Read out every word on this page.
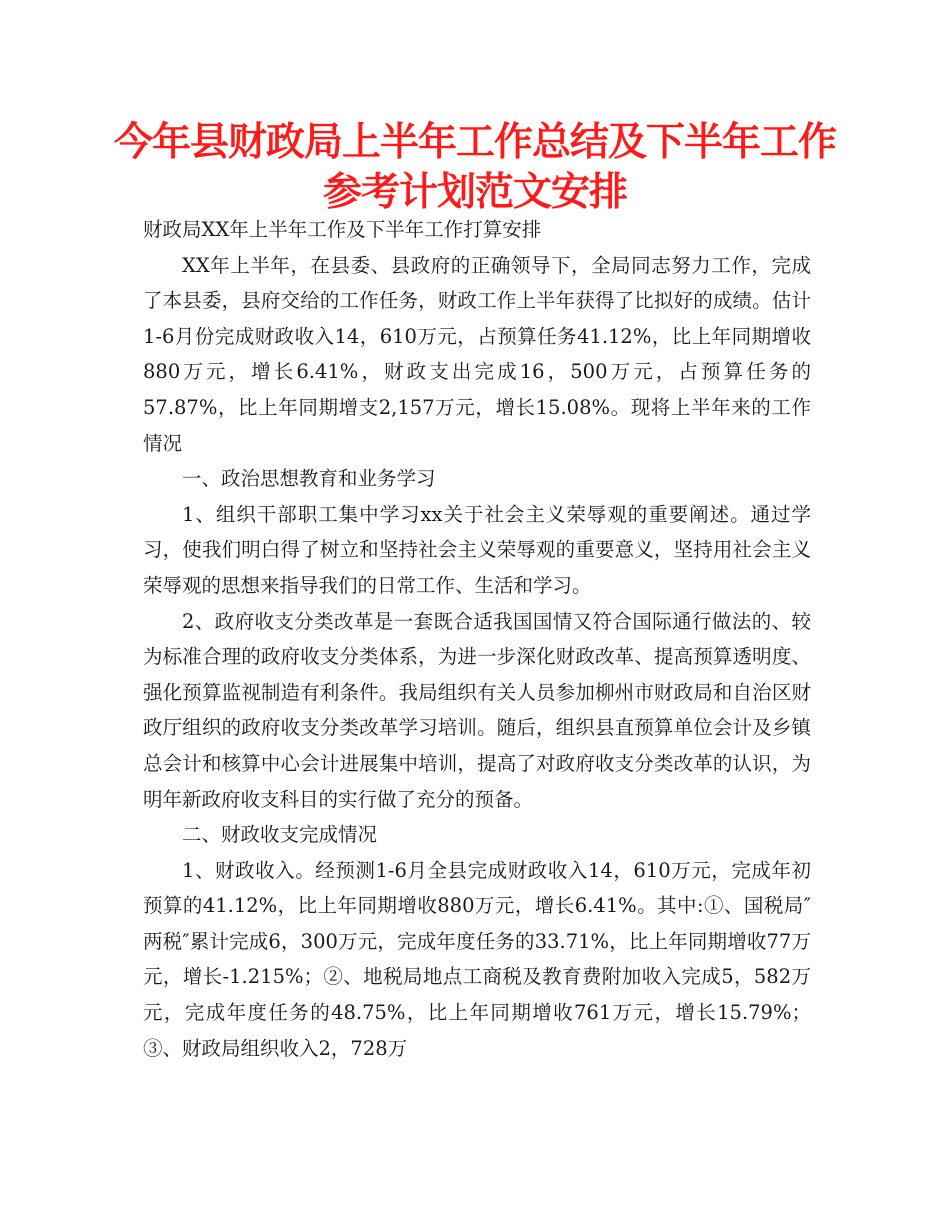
今年县财政局上半年工作总结及下半年工作参考计划范文安排

财政局XX年上半年工作及下半年工作打算安排

XX年上半年，在县委、县政府的正确领导下，全局同志努力工作，完成了本县委，县府交给的工作任务，财政工作上半年获得了比拟好的成绩。估计1-6月份完成财政收入14，610万元，占预算任务41.12%，比上年同期增收880万元，增长6.41%，财政支出完成16，500万元，占预算任务的57.87%，比上年同期增支2,157万元，增长15.08%。现将上半年来的工作情况

一、政治思想教育和业务学习

1、组织干部职工集中学习xx关于社会主义荣辱观的重要阐述。通过学习，使我们明白得了树立和坚持社会主义荣辱观的重要意义，坚持用社会主义荣辱观的思想来指导我们的日常工作、生活和学习。

2、政府收支分类改革是一套既合适我国国情又符合国际通行做法的、较为标准合理的政府收支分类体系，为进一步深化财政改革、提高预算透明度、强化预算监视制造有利条件。我局组织有关人员参加柳州市财政局和自治区财政厅组织的政府收支分类改革学习培训。随后，组织县直预算单位会计及乡镇总会计和核算中心会计进展集中培训，提高了对政府收支分类改革的认识，为明年新政府收支科目的实行做了充分的预备。

二、财政收支完成情况

1、财政收入。经预测1-6月全县完成财政收入14，610万元，完成年初预算的41.12%，比上年同期增收880万元，增长6.41%。其中:①、国税局″两税″累计完成6，300万元，完成年度任务的33.71%，比上年同期增收77万元，增长-1.215%；②、地税局地点工商税及教育费附加收入完成5，582万元，完成年度任务的48.75%，比上年同期增收761万元，增长15.79%；③、财政局组织收入2，728万
